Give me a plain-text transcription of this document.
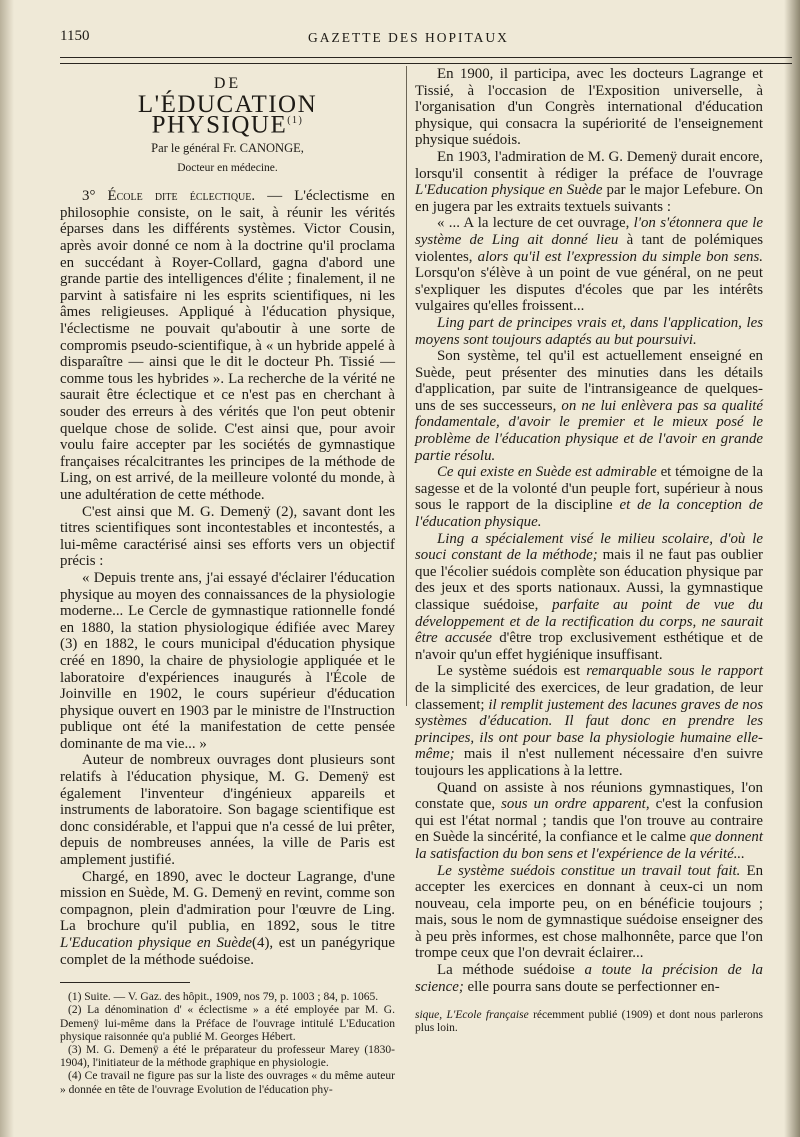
1150	GAZETTE DES HOPITAUX
DE
L'ÉDUCATION PHYSIQUE$^{(1)}$
Par le général Fr. CANONGE,
Docteur en médecine.

3° École dite éclectique. — L'éclectisme en philosophie consiste, on le sait, à réunir les vérités éparses dans les différents systèmes. Victor Cousin, après avoir donné ce nom à la doctrine qu'il proclama en succédant à Royer-Collard, gagna d'abord une grande partie des intelligences d'élite ; finalement, il ne parvint à satisfaire ni les esprits scientifiques, ni les âmes religieuses. Appliqué à l'éducation physique, l'éclectisme ne pouvait qu'aboutir à une sorte de compromis pseudo-scientifique, à « un hybride appelé à disparaître — ainsi que le dit le docteur Ph. Tissié — comme tous les hybrides ». La recherche de la vérité ne saurait être éclectique et ce n'est pas en cherchant à souder des erreurs à des vérités que l'on peut obtenir quelque chose de solide. C'est ainsi que, pour avoir voulu faire accepter par les sociétés de gymnastique françaises récalcitrantes les principes de la méthode de Ling, on est arrivé, de la meilleure volonté du monde, à une adultération de cette méthode.

C'est ainsi que M. G. Demenÿ (2), savant dont les titres scientifiques sont incontestables et incontestés, a lui-même caractérisé ainsi ses efforts vers un objectif précis :

« Depuis trente ans, j'ai essayé d'éclairer l'éducation physique au moyen des connaissances de la physiologie moderne... Le Cercle de gymnastique rationnelle fondé en 1880, la station physiologique édifiée avec Marey (3) en 1882, le cours municipal d'éducation physique créé en 1890, la chaire de physiologie appliquée et le laboratoire d'expériences inaugurés à l'École de Joinville en 1902, le cours supérieur d'éducation physique ouvert en 1903 par le ministre de l'Instruction publique ont été la manifestation de cette pensée dominante de ma vie... »

Auteur de nombreux ouvrages dont plusieurs sont relatifs à l'éducation physique, M. G. Demenÿ est également l'inventeur d'ingénieux appareils et instruments de laboratoire. Son bagage scientifique est donc considérable, et l'appui que n'a cessé de lui prêter, depuis de nombreuses années, la ville de Paris est amplement justifié.

Chargé, en 1890, avec le docteur Lagrange, d'une mission en Suède, M. G. Demenÿ en revint, comme son compagnon, plein d'admiration pour l'œuvre de Ling. La brochure qu'il publia, en 1892, sous le titre L'Education physique en Suède(4), est un panégyrique complet de la méthode suédoise.

(1) Suite. — V. Gaz. des hôpit., 1909, nos 79, p. 1003 ; 84, p. 1065.

(2) La dénomination d' « éclectisme » a été employée par M. G. Demenÿ lui-même dans la Préface de l'ouvrage intitulé L'Education physique raisonnée qu'a publié M. Georges Hébert.

(3) M. G. Demenÿ a été le préparateur du professeur Marey (1830-1904), l'initiateur de la méthode graphique en physiologie.

(4) Ce travail ne figure pas sur la liste des ouvrages « du même auteur » donnée en tête de l'ouvrage Evolution de l'éducation phy-

En 1900, il participa, avec les docteurs Lagrange et Tissié, à l'occasion de l'Exposition universelle, à l'organisation d'un Congrès international d'éducation physique, qui consacra la supériorité de l'enseignement physique suédois.

En 1903, l'admiration de M. G. Demenÿ durait encore, lorsqu'il consentit à rédiger la préface de l'ouvrage L'Education physique en Suède par le major Lefebure. On en jugera par les extraits textuels suivants :

« ... A la lecture de cet ouvrage, l'on s'étonnera que le système de Ling ait donné lieu à tant de polémiques violentes, alors qu'il est l'expression du simple bon sens. Lorsqu'on s'élève à un point de vue général, on ne peut s'expliquer les disputes d'écoles que par les intérêts vulgaires qu'elles froissent...

Ling part de principes vrais et, dans l'application, les moyens sont toujours adaptés au but poursuivi.

Son système, tel qu'il est actuellement enseigné en Suède, peut présenter des minuties dans les détails d'application, par suite de l'intransigeance de quelques-uns de ses successeurs, on ne lui enlèvera pas sa qualité fondamentale, d'avoir le premier et le mieux posé le problème de l'éducation physique et de l'avoir en grande partie résolu.

Ce qui existe en Suède est admirable et témoigne de la sagesse et de la volonté d'un peuple fort, supérieur à nous sous le rapport de la discipline et de la conception de l'éducation physique.

Ling a spécialement visé le milieu scolaire, d'où le souci constant de la méthode; mais il ne faut pas oublier que l'écolier suédois complète son éducation physique par des jeux et des sports nationaux. Aussi, la gymnastique classique suédoise, parfaite au point de vue du développement et de la rectification du corps, ne saurait être accusée d'être trop exclusivement esthétique et de n'avoir qu'un effet hygiénique insuffisant.

Le système suédois est remarquable sous le rapport de la simplicité des exercices, de leur gradation, de leur classement; il remplit justement des lacunes graves de nos systèmes d'éducation. Il faut donc en prendre les principes, ils ont pour base la physiologie humaine elle-même; mais il n'est nullement nécessaire d'en suivre toujours les applications à la lettre.

Quand on assiste à nos réunions gymnastiques, l'on constate que, sous un ordre apparent, c'est la confusion qui est l'état normal ; tandis que l'on trouve au contraire en Suède la sincérité, la confiance et le calme que donnent la satisfaction du bon sens et l'expérience de la vérité...

Le système suédois constitue un travail tout fait. En accepter les exercices en donnant à ceux-ci un nom nouveau, cela importe peu, on en bénéficie toujours ; mais, sous le nom de gymnastique suédoise enseigner des à peu près informes, est chose malhonnête, parce que l'on trompe ceux que l'on devrait éclairer...

La méthode suédoise a toute la précision de la science; elle pourra sans doute se perfectionner en-

sique, L'Ecole française récemment publié (1909) et dont nous parlerons plus loin.
